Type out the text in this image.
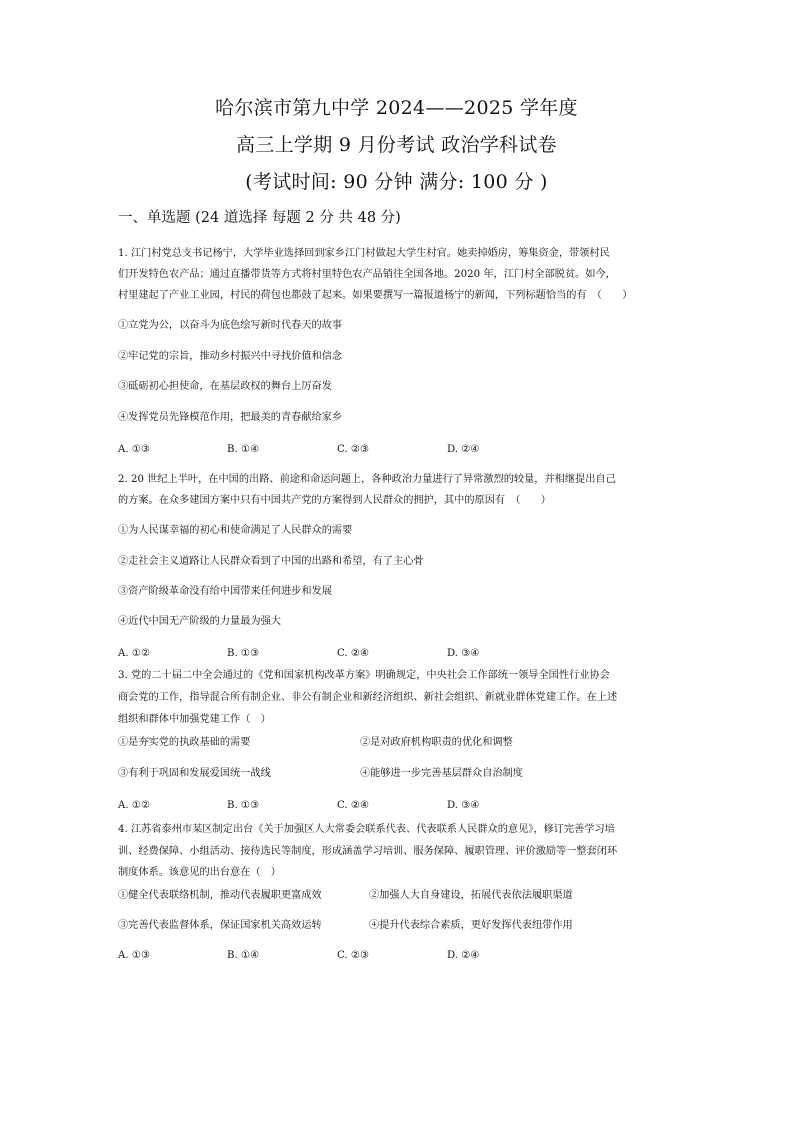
哈尔滨市第九中学 2024——2025 学年度
高三上学期 9 月份考试 政治学科试卷
(考试时间: 90 分钟 满分: 100 分 )
一、单选题 (24 道选择 每题 2 分 共 48 分)
1. 江门村党总支书记杨宁，大学毕业选择回到家乡江门村做起大学生村官。她卖掉婚房，筹集资金，带领村民
们开发特色农产品；通过直播带货等方式将村里特色农产品销往全国各地。2020 年，江门村全部脱贫。如今，
村里建起了产业工业园，村民的荷包也都鼓了起来。如果要撰写一篇报道杨宁的新闻，下列标题恰当的有　（　　）
①立党为公，以奋斗为底色绘写新时代春天的故事
②牢记党的宗旨，推动乡村振兴中寻找价值和信念
③砥砺初心担使命，在基层政权的舞台上厉奋发
④发挥党员先锋模范作用，把最美的青春献给家乡
A. ①③	B. ①④	C. ②③	D. ②④
2. 20 世纪上半叶，在中国的出路、前途和命运问题上，各种政治力量进行了异常激烈的较量，并相继提出自己
的方案。在众多建国方案中只有中国共产党的方案得到人民群众的拥护，其中的原因有　（　　）
①为人民谋幸福的初心和使命满足了人民群众的需要
②走社会主义道路让人民群众看到了中国的出路和希望，有了主心骨
③资产阶级革命没有给中国带来任何进步和发展
④近代中国无产阶级的力量最为强大
A. ①②	B. ①③	C. ②④	D. ③④
3. 党的二十届二中全会通过的《党和国家机构改革方案》明确规定，中央社会工作部统一领导全国性行业协会
商会党的工作，指导混合所有制企业、非公有制企业和新经济组织、新社会组织、新就业群体党建工作。在上述
组织和群体中加强党建工作（　）
①是夯实党的执政基础的需要	②是对政府机构职责的优化和调整
③有利于巩固和发展爱国统一战线	④能够进一步完善基层群众自治制度
A. ①②	B. ①③	C. ②④	D. ③④
4. 江苏省泰州市某区制定出台《关于加强区人大常委会联系代表、代表联系人民群众的意见》，修订完善学习培
训、经费保障、小组活动、接待选民等制度，形成涵盖学习培训、服务保障、履职管理、评价激励等一整套闭环
制度体系。该意见的出台意在（　）
①健全代表联络机制，推动代表履职更富成效	②加强人大自身建设，拓展代表依法履职渠道
③完善代表监督体系，保证国家机关高效运转	④提升代表综合素质，更好发挥代表纽带作用
A. ①③	B. ①④	C. ②③	D. ②④
